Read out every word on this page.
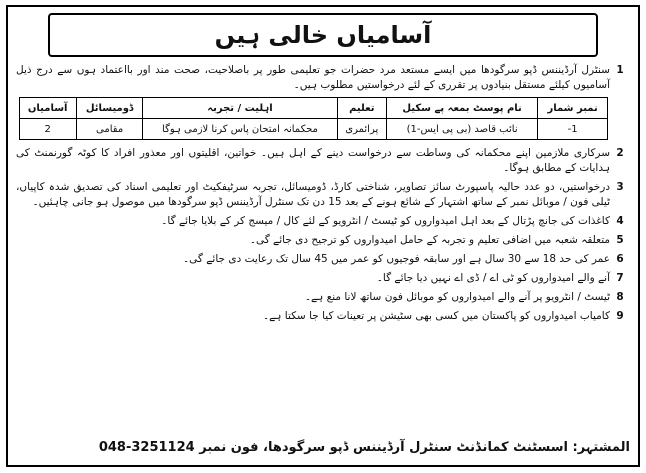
آسامیاں خالی ہیں
1
سنٹرل آرڈیننس ڈپو سرگودھا میں ایسے مستعد مرد حضرات جو تعلیمی طور پر باصلاحیت، صحت مند اور بااعتماد ہوں سے درج ذیل آسامیوں کیلئے مستقل بنیادوں پر تقرری کے لئے درخواستیں مطلوب ہیں۔
نمبر شمار	نام پوسٹ بمعہ پے سکیل	تعلیم	اہلیت / تجربہ	ڈومیسائل	آسامیاں
1-	نائب قاصد (بی پی ایس-1)	پرائمری	محکمانہ امتحان پاس کرنا لازمی ہوگا	مقامی	2
2
سرکاری ملازمین اپنے محکمانہ کی وساطت سے درخواست دینے کے اہل ہیں۔ خواتین، اقلیتوں اور معذور افراد کا کوٹہ گورنمنٹ کی ہدایات کے مطابق ہوگا۔
3
درخواستیں، دو عدد حالیہ پاسپورٹ سائز تصاویر، شناختی کارڈ، ڈومیسائل، تجربہ سرٹیفکیٹ اور تعلیمی اسناد کی تصدیق شدہ کاپیاں، ٹیلی فون / موبائل نمبر کے ساتھ اشتہار کے شائع ہونے کے بعد 15 دن تک سنٹرل آرڈیننس ڈپو سرگودھا میں موصول ہو جانی چاہئیں۔
4
کاغذات کی جانچ پڑتال کے بعد اہل امیدواروں کو ٹیسٹ / انٹرویو کے لئے کال / میسج کر کے بلایا جائے گا۔
5
متعلقہ شعبہ میں اضافی تعلیم و تجربہ کے حامل امیدواروں کو ترجیح دی جائے گی۔
6
عمر کی حد 18 سے 30 سال ہے اور سابقہ فوجیوں کو عمر میں 45 سال تک رعایت دی جائے گی۔
7
آنے والے امیدواروں کو ٹی اے / ڈی اے نہیں دیا جائے گا۔
8
ٹیسٹ / انٹرویو پر آنے والے امیدواروں کو موبائل فون ساتھ لانا منع ہے۔
9
کامیاب امیدواروں کو پاکستان میں کسی بھی سٹیشن پر تعینات کیا جا سکتا ہے۔
المشتہر: اسسٹنٹ کمانڈنٹ سنٹرل آرڈیننس ڈپو سرگودھا، فون نمبر 048-3251124
